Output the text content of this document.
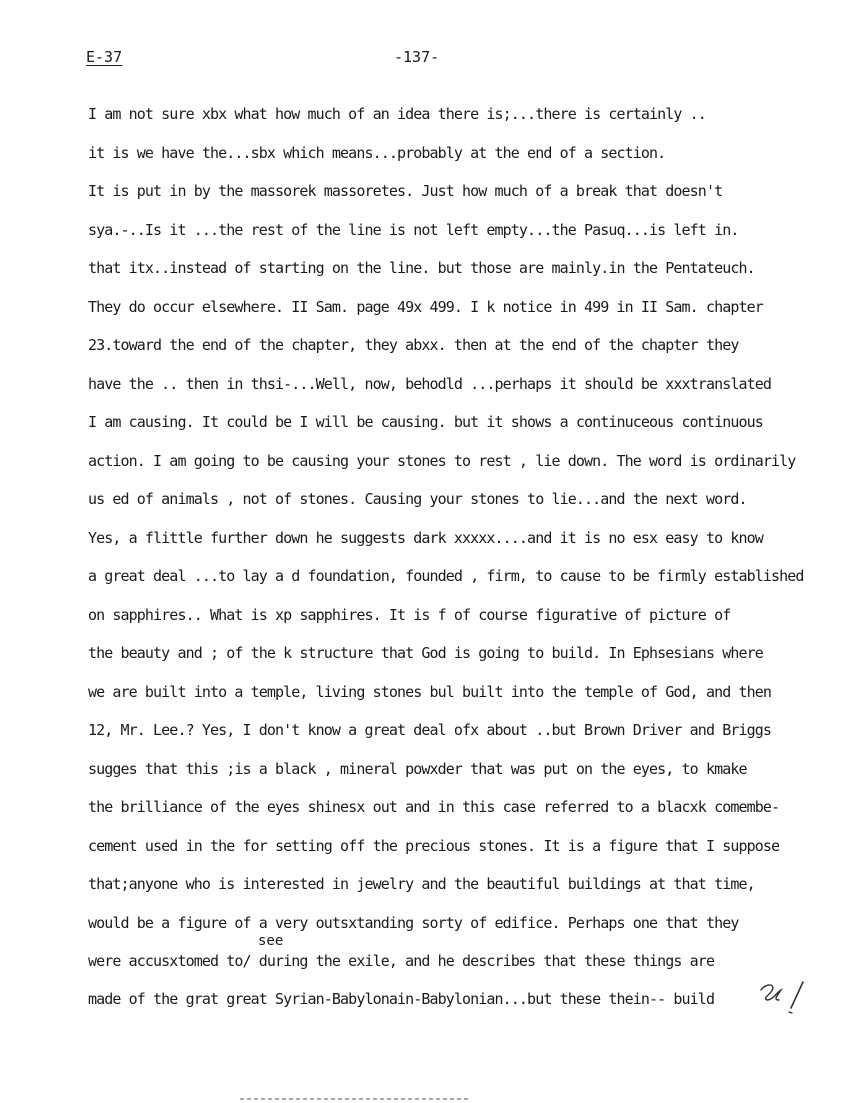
E-37	-137-
I am not sure xbx what how much of an idea there is;...there is certainly ..
it is we have the...sbx which means...probably at the end of a section.
It is put in by the massorek massoretes. Just how much of a break that doesn't
sya.-..Is it ...the rest of the line is not left empty...the Pasuq...is left in.
that itx..instead of starting on the line. but those are mainly.in the Pentateuch.
They do occur elsewhere. II Sam. page 49x 499. I k notice in 499 in II Sam. chapter
23.toward the end of the chapter, they abxx. then at the end of the chapter they
have the .. then in thsi-...Well, now, behodld ...perhaps it should be xxxtranslated
I am causing. It could be I will be causing. but it shows a continuceous continuous
action. I am going to be causing your stones to rest , lie down. The word is ordinarily
us ed of animals , not of stones. Causing your stones to lie...and the next word.
Yes, a flittle further down he suggests dark xxxxx....and it is no esx easy to know
a great deal ...to lay a d foundation, founded , firm, to cause to be firmly established
on sapphires.. What is xp sapphires. It is f of course figurative of picture of
the beauty and ; of the k structure that God is going to build. In Ephsesians where
we are built into a temple, living stones bul built into the temple of God, and then
12, Mr. Lee.? Yes, I don't know a great deal ofx about ..but Brown Driver and Briggs
sugges that this ;is a black , mineral powxder that was put on the eyes, to kmake
the brilliance of the eyes shinesx out and in this case referred to a blacxk comembe-
cement used in the for setting off the precious stones. It is a figure that I suppose
that;anyone who is interested in jewelry and the beautiful buildings at that time,
would be a figure of a very outsxtanding sorty of edifice. Perhaps one that they
were accusxtomed to/ during the exile, and he describes that these things are
made of the grat great Syrian-Babylonain-Babylonian...but these thein-- build
see
